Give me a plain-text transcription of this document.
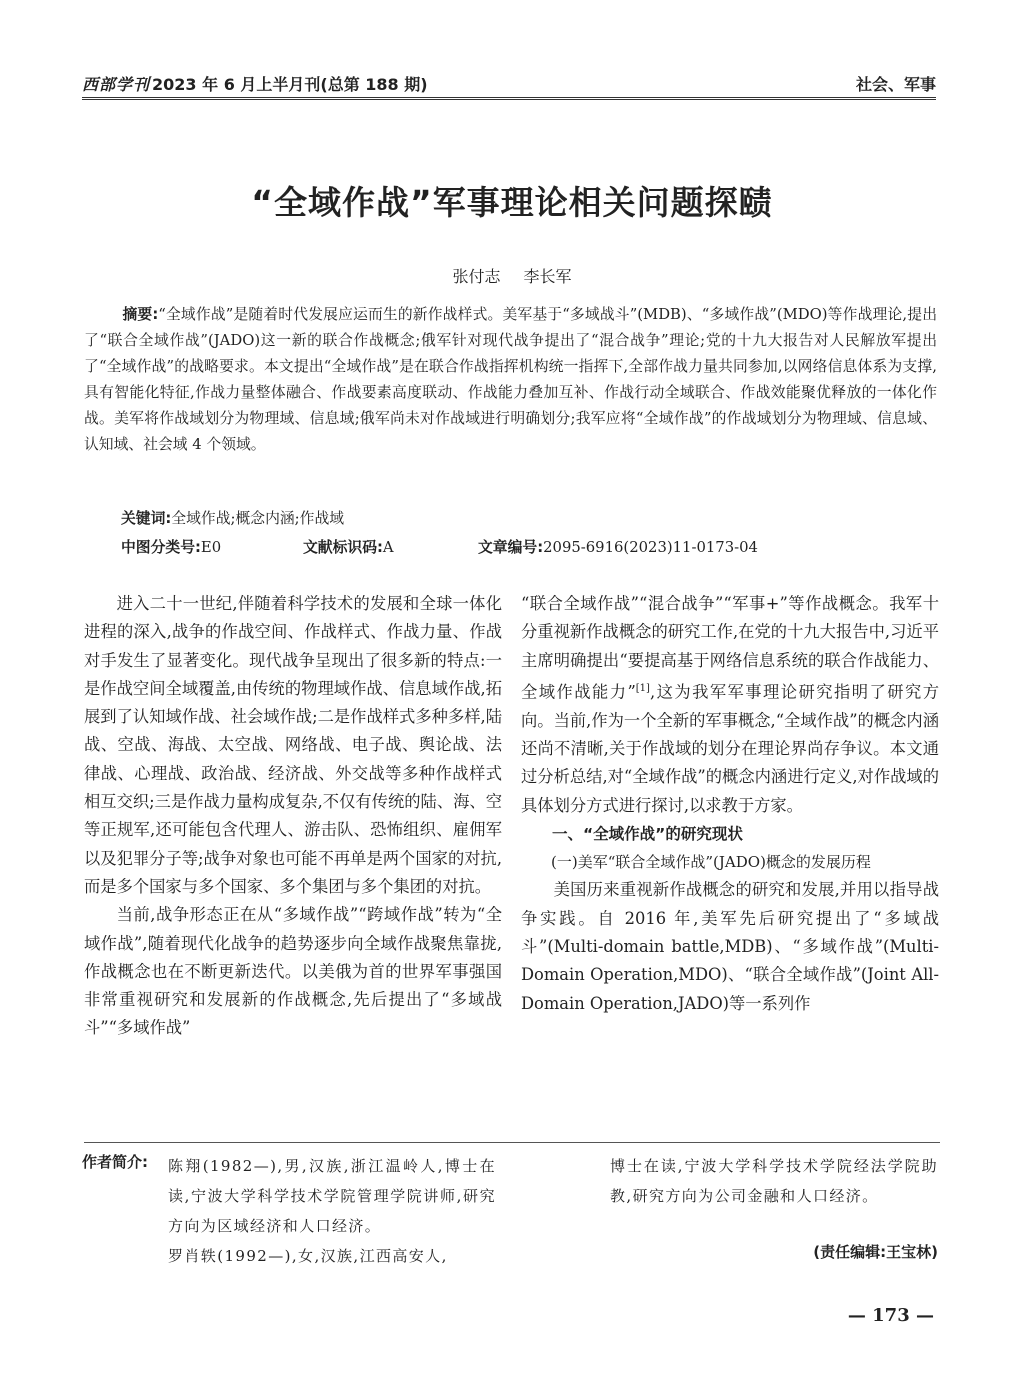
西部学刊 2023 年 6 月上半月刊(总第 188 期)	社会、军事
“全域作战”军事理论相关问题探赜
张付志 李长军
摘要:“全域作战”是随着时代发展应运而生的新作战样式。美军基于“多域战斗”(MDB)、“多域作战”(MDO)等作战理论,提出了“联合全域作战”(JADO)这一新的联合作战概念;俄军针对现代战争提出了“混合战争”理论;党的十九大报告对人民解放军提出了“全域作战”的战略要求。本文提出“全域作战”是在联合作战指挥机构统一指挥下,全部作战力量共同参加,以网络信息体系为支撑,具有智能化特征,作战力量整体融合、作战要素高度联动、作战能力叠加互补、作战行动全域联合、作战效能聚优释放的一体化作战。美军将作战域划分为物理域、信息域;俄军尚未对作战域进行明确划分;我军应将“全域作战”的作战域划分为物理域、信息域、认知域、社会域 4 个领域。
关键词:全域作战;概念内涵;作战域
中图分类号:E0	文献标识码:A	文章编号:2095-6916(2023)11-0173-04

进入二十一世纪,伴随着科学技术的发展和全球一体化进程的深入,战争的作战空间、作战样式、作战力量、作战对手发生了显著变化。现代战争呈现出了很多新的特点:一是作战空间全域覆盖,由传统的物理域作战、信息域作战,拓展到了认知域作战、社会域作战;二是作战样式多种多样,陆战、空战、海战、太空战、网络战、电子战、舆论战、法律战、心理战、政治战、经济战、外交战等多种作战样式相互交织;三是作战力量构成复杂,不仅有传统的陆、海、空等正规军,还可能包含代理人、游击队、恐怖组织、雇佣军以及犯罪分子等;战争对象也可能不再单是两个国家的对抗,而是多个国家与多个国家、多个集团与多个集团的对抗。

当前,战争形态正在从“多域作战”“跨域作战”转为“全域作战”,随着现代化战争的趋势逐步向全域作战聚焦靠拢,作战概念也在不断更新迭代。以美俄为首的世界军事强国非常重视研究和发展新的作战概念,先后提出了“多域战斗”“多域作战”

“联合全域作战”“混合战争”“军事+”等作战概念。我军十分重视新作战概念的研究工作,在党的十九大报告中,习近平主席明确提出“要提高基于网络信息系统的联合作战能力、全域作战能力”[1],这为我军军事理论研究指明了研究方向。当前,作为一个全新的军事概念,“全域作战”的概念内涵还尚不清晰,关于作战域的划分在理论界尚存争议。本文通过分析总结,对“全域作战”的概念内涵进行定义,对作战域的具体划分方式进行探讨,以求教于方家。

一、“全域作战”的研究现状

(一)美军“联合全域作战”(JADO)概念的发展历程

美国历来重视新作战概念的研究和发展,并用以指导战争实践。自 2016 年,美军先后研究提出了“多域战斗”(Multi-domain battle,MDB)、“多域作战”(Multi-Domain Operation,MDO)、“联合全域作战”(Joint All-Domain Operation,JADO)等一系列作

作者简介: 陈翔(1982—),男,汉族,浙江温岭人,博士在读,宁波大学科学技术学院管理学院讲师,研究方向为区域经济和人口经济。

罗肖轶(1992—),女,汉族,江西高安人,

博士在读,宁波大学科学技术学院经法学院助教,研究方向为公司金融和人口经济。

(责任编辑:王宝林)
— 173 —
